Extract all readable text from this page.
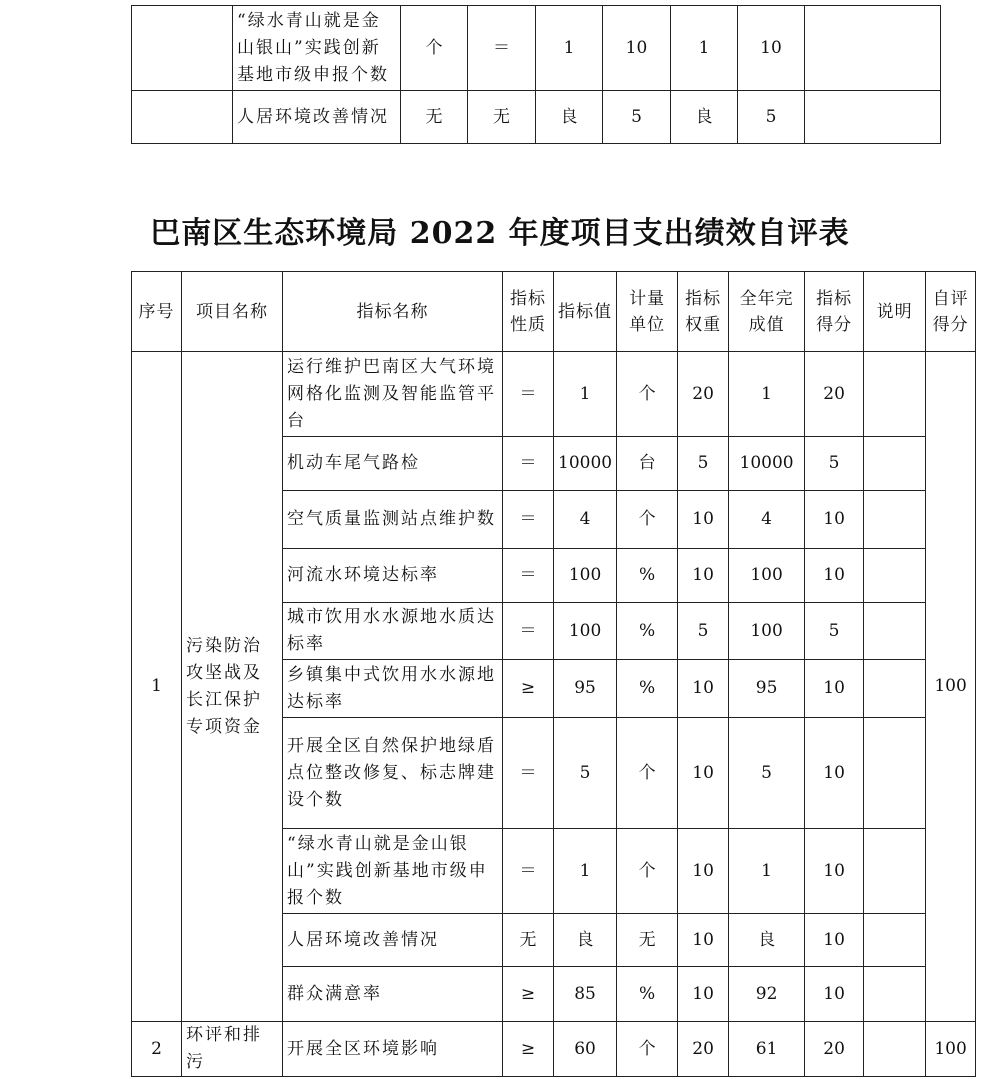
	“绿水青山就是金山银山”实践创新基地市级申报个数	个	＝	1	10	1	10	
	人居环境改善情况	无	无	良	5	良	5	
巴南区生态环境局 2022 年度项目支出绩效自评表
序号	项目名称	指标名称	指标性质	指标值	计量单位	指标权重	全年完成值	指标得分	说明	自评得分
1	污染防治攻坚战及长江保护专项资金	运行维护巴南区大气环境网格化监测及智能监管平台	＝	1	个	20	1	20		100
		机动车尾气路检	＝	10000	台	5	10000	5		
		空气质量监测站点维护数	＝	4	个	10	4	10		
		河流水环境达标率	＝	100	%	10	100	10		
		城市饮用水水源地水质达标率	＝	100	%	5	100	5		
		乡镇集中式饮用水水源地达标率	≥	95	%	10	95	10		
		开展全区自然保护地绿盾点位整改修复、标志牌建设个数	＝	5	个	10	5	10		
		“绿水青山就是金山银山”实践创新基地市级申报个数	＝	1	个	10	1	10		
		人居环境改善情况	无	良	无	10	良	10		
		群众满意率	≥	85	%	10	92	10		
2	环评和排污	开展全区环境影响	≥	60	个	20	61	20		100
